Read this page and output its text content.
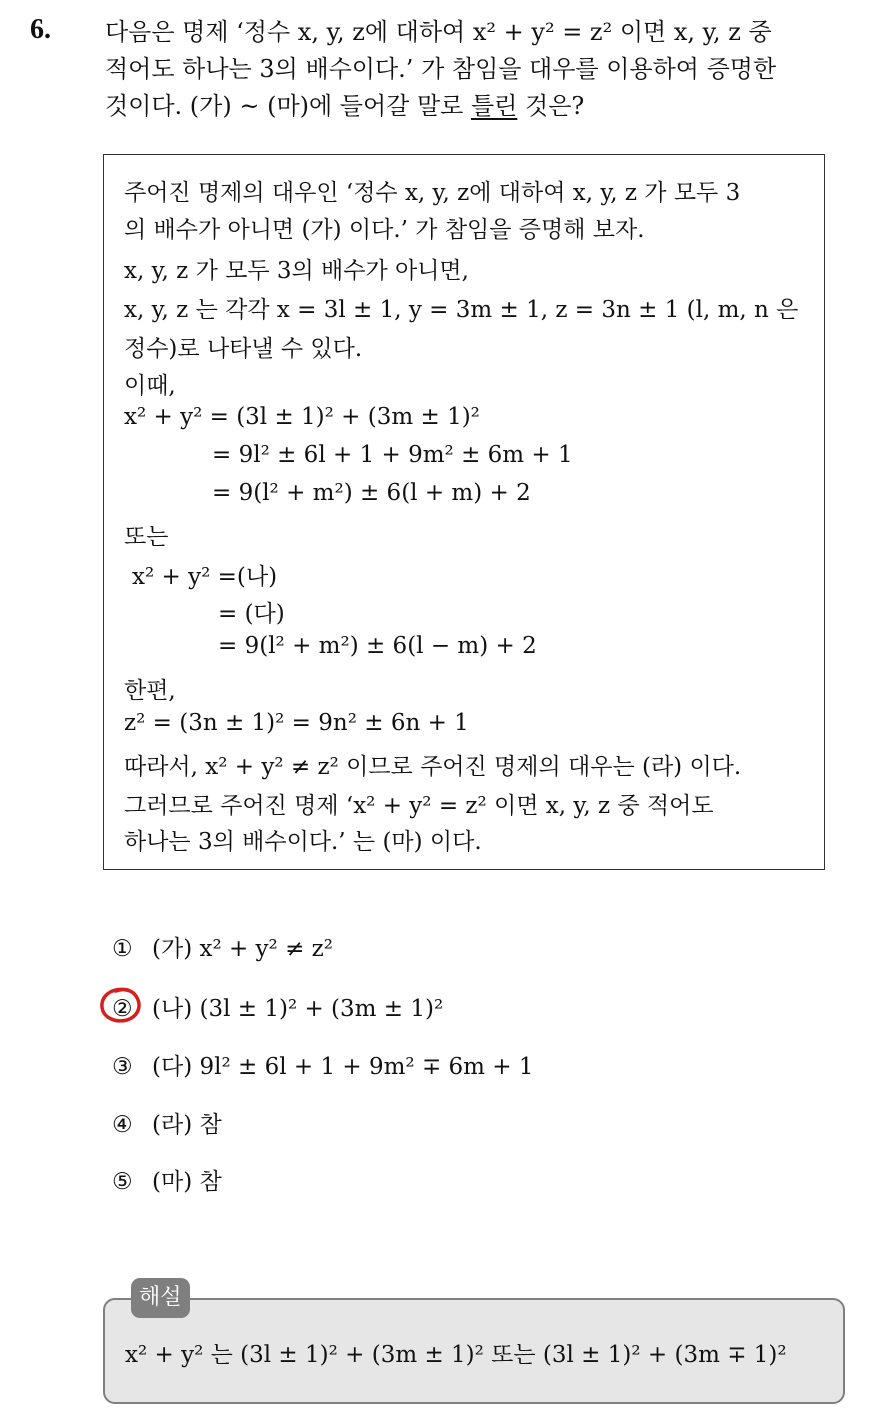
6. 다음은 명제 ‘정수 x, y, z에 대하여 x² + y² = z² 이면 x, y, z 중
적어도 하나는 3의 배수이다.’ 가 참임을 대우를 이용하여 증명한
것이다. (가) ~ (마)에 들어갈 말로 틀린 것은?
주어진 명제의 대우인 ‘정수 x, y, z에 대하여 x, y, z 가 모두 3
의 배수가 아니면 (가) 이다.’ 가 참임을 증명해 보자.
x, y, z 가 모두 3의 배수가 아니면,
x, y, z 는 각각 x = 3l ± 1, y = 3m ± 1, z = 3n ± 1 (l, m, n 은
정수)로 나타낼 수 있다.
이때,
x² + y² = (3l ± 1)² + (3m ± 1)²
= 9l² ± 6l + 1 + 9m² ± 6m + 1
= 9(l² + m²) ± 6(l + m) + 2
또는
x² + y² =(나)
= (다)
= 9(l² + m²) ± 6(l − m) + 2
한편,
z² = (3n ± 1)² = 9n² ± 6n + 1
따라서, x² + y² ≠ z² 이므로 주어진 명제의 대우는 (라) 이다.
그러므로 주어진 명제 ‘x² + y² = z² 이면 x, y, z 중 적어도
하나는 3의 배수이다.’ 는 (마) 이다.
① (가) x² + y² ≠ z²
② (나) (3l ± 1)² + (3m ± 1)²
③ (다) 9l² ± 6l + 1 + 9m² ∓ 6m + 1
④ (라) 참
⑤ (마) 참
해설
x² + y² 는 (3l ± 1)² + (3m ± 1)² 또는 (3l ± 1)² + (3m ∓ 1)²
